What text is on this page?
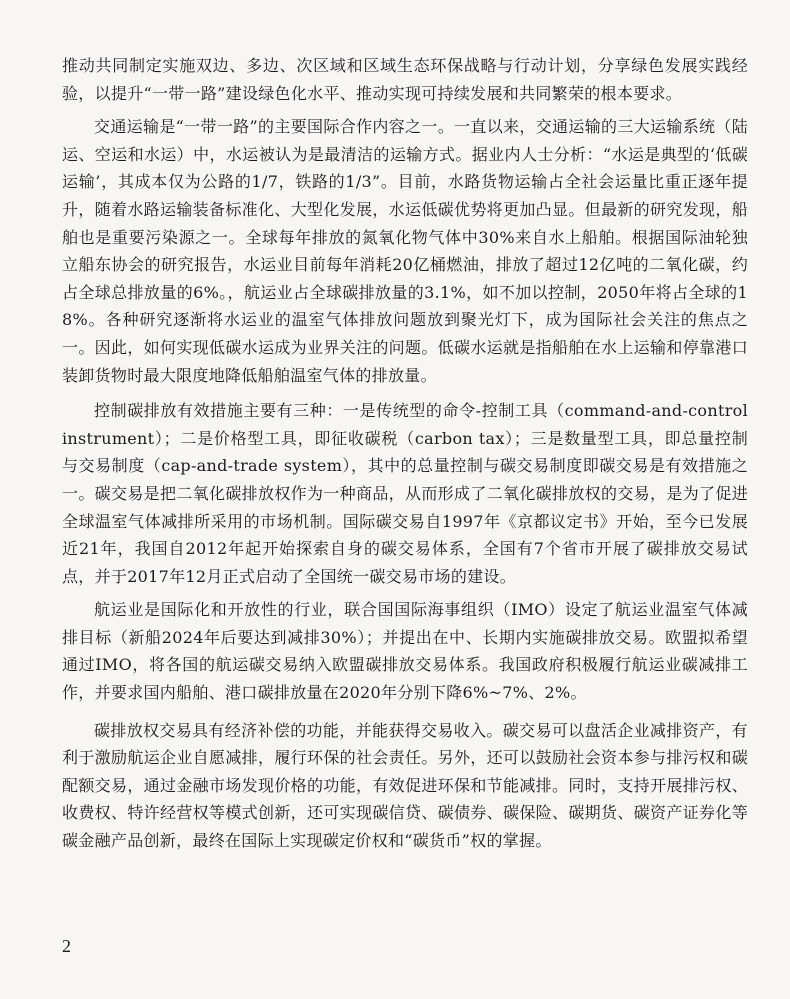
推动共同制定实施双边、多边、次区域和区域生态环保战略与行动计划，分享绿色发展实践经验，以提升“一带一路”建设绿色化水平、推动实现可持续发展和共同繁荣的根本要求。

交通运输是“一带一路”的主要国际合作内容之一。一直以来，交通运输的三大运输系统（陆运、空运和水运）中，水运被认为是最清洁的运输方式。据业内人士分析：“水运是典型的‘低碳运输’，其成本仅为公路的1/7，铁路的1/3”。目前，水路货物运输占全社会运量比重正逐年提升，随着水路运输装备标准化、大型化发展，水运低碳优势将更加凸显。但最新的研究发现，船舶也是重要污染源之一。全球每年排放的氮氧化物气体中30%来自水上船舶。根据国际油轮独立船东协会的研究报告，水运业目前每年消耗20亿桶燃油，排放了超过12亿吨的二氧化碳，约占全球总排放量的6%。，航运业占全球碳排放量的3.1%，如不加以控制，2050年将占全球的18%。各种研究逐渐将水运业的温室气体排放问题放到聚光灯下，成为国际社会关注的焦点之一。因此，如何实现低碳水运成为业界关注的问题。低碳水运就是指船舶在水上运输和停靠港口装卸货物时最大限度地降低船舶温室气体的排放量。

控制碳排放有效措施主要有三种：一是传统型的命令-控制工具（command-and-control instrument）；二是价格型工具，即征收碳税（carbon tax）；三是数量型工具，即总量控制与交易制度（cap-and-trade system），其中的总量控制与碳交易制度即碳交易是有效措施之一。碳交易是把二氧化碳排放权作为一种商品，从而形成了二氧化碳排放权的交易，是为了促进全球温室气体减排所采用的市场机制。国际碳交易自1997年《京都议定书》开始，至今已发展近21年，我国自2012年起开始探索自身的碳交易体系，全国有7个省市开展了碳排放交易试点，并于2017年12月正式启动了全国统一碳交易市场的建设。

航运业是国际化和开放性的行业，联合国国际海事组织（IMO）设定了航运业温室气体减排目标（新船2024年后要达到减排30%）；并提出在中、长期内实施碳排放交易。欧盟拟希望通过IMO，将各国的航运碳交易纳入欧盟碳排放交易体系。我国政府积极履行航运业碳减排工作，并要求国内船舶、港口碳排放量在2020年分别下降6%~7%、2%。

碳排放权交易具有经济补偿的功能，并能获得交易收入。碳交易可以盘活企业减排资产，有利于激励航运企业自愿减排，履行环保的社会责任。另外，还可以鼓励社会资本参与排污权和碳配额交易，通过金融市场发现价格的功能，有效促进环保和节能减排。同时，支持开展排污权、收费权、特许经营权等模式创新，还可实现碳信贷、碳债券、碳保险、碳期货、碳资产证券化等碳金融产品创新，最终在国际上实现碳定价权和“碳货币”权的掌握。

2
